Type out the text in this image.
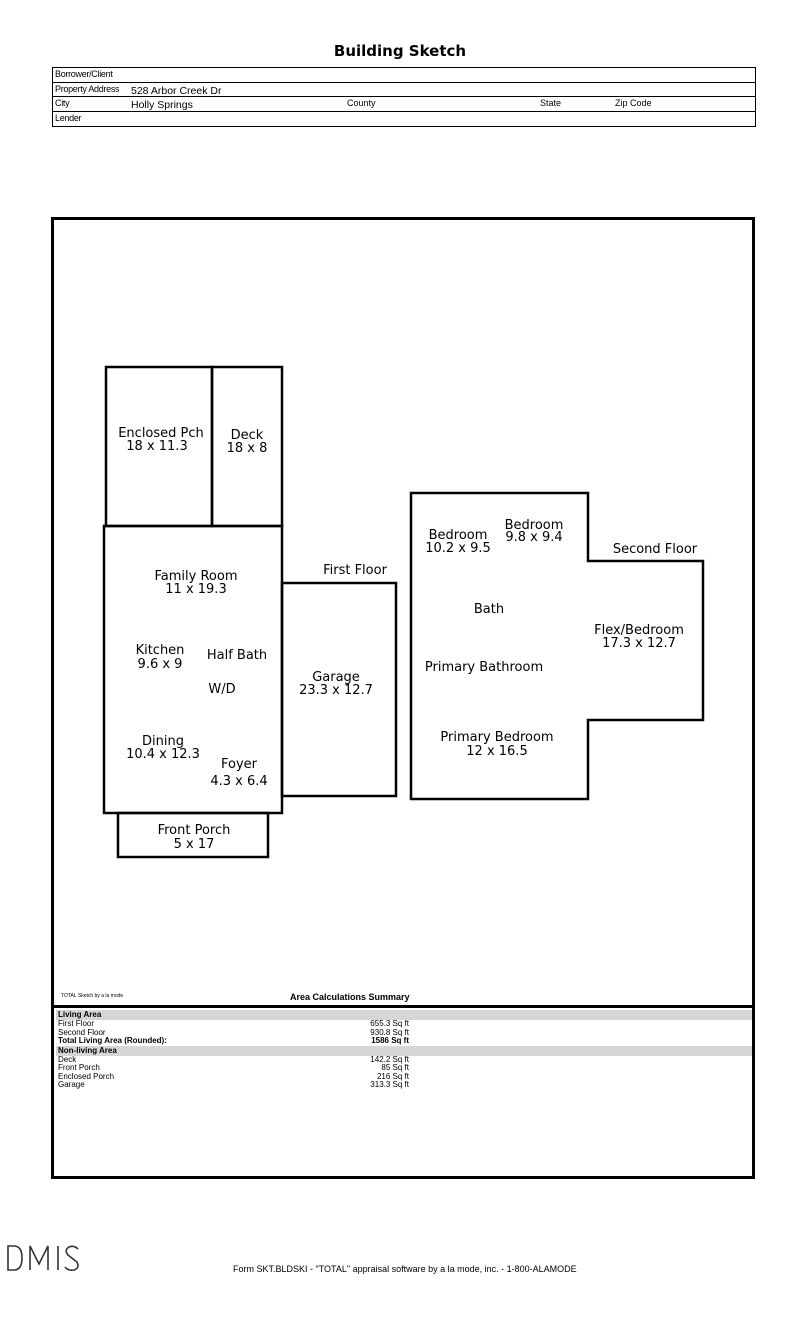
Building Sketch
Borrower/Client
Property Address 528 Arbor Creek Dr
City	Holly Springs	County	State	Zip Code
Lender
Enclosed Pch
18 x 11.3
Deck
18 x 8
Family Room
11 x 19.3
First Floor
Kitchen
9.6 x 9
Half Bath
W/D
Garage
23.3 x 12.7
Dining
10.4 x 12.3
Foyer
4.3 x 6.4
Front Porch
5 x 17
Bedroom
10.2 x 9.5
Bedroom
9.8 x 9.4
Second Floor
Bath
Flex/Bedroom
17.3 x 12.7
Primary Bathroom
Primary Bedroom
12 x 16.5
TOTAL Sketch by a la mode	Area Calculations Summary
Living Area
First Floor	655.3 Sq ft
Second Floor	930.8 Sq ft
Total Living Area (Rounded):	1586 Sq ft
Non-living Area
Deck	142.2 Sq ft
Front Porch	85 Sq ft
Enclosed Porch	216 Sq ft
Garage	313.3 Sq ft
Form SKT.BLDSKI - "TOTAL" appraisal software by a la mode, inc. - 1-800-ALAMODE
